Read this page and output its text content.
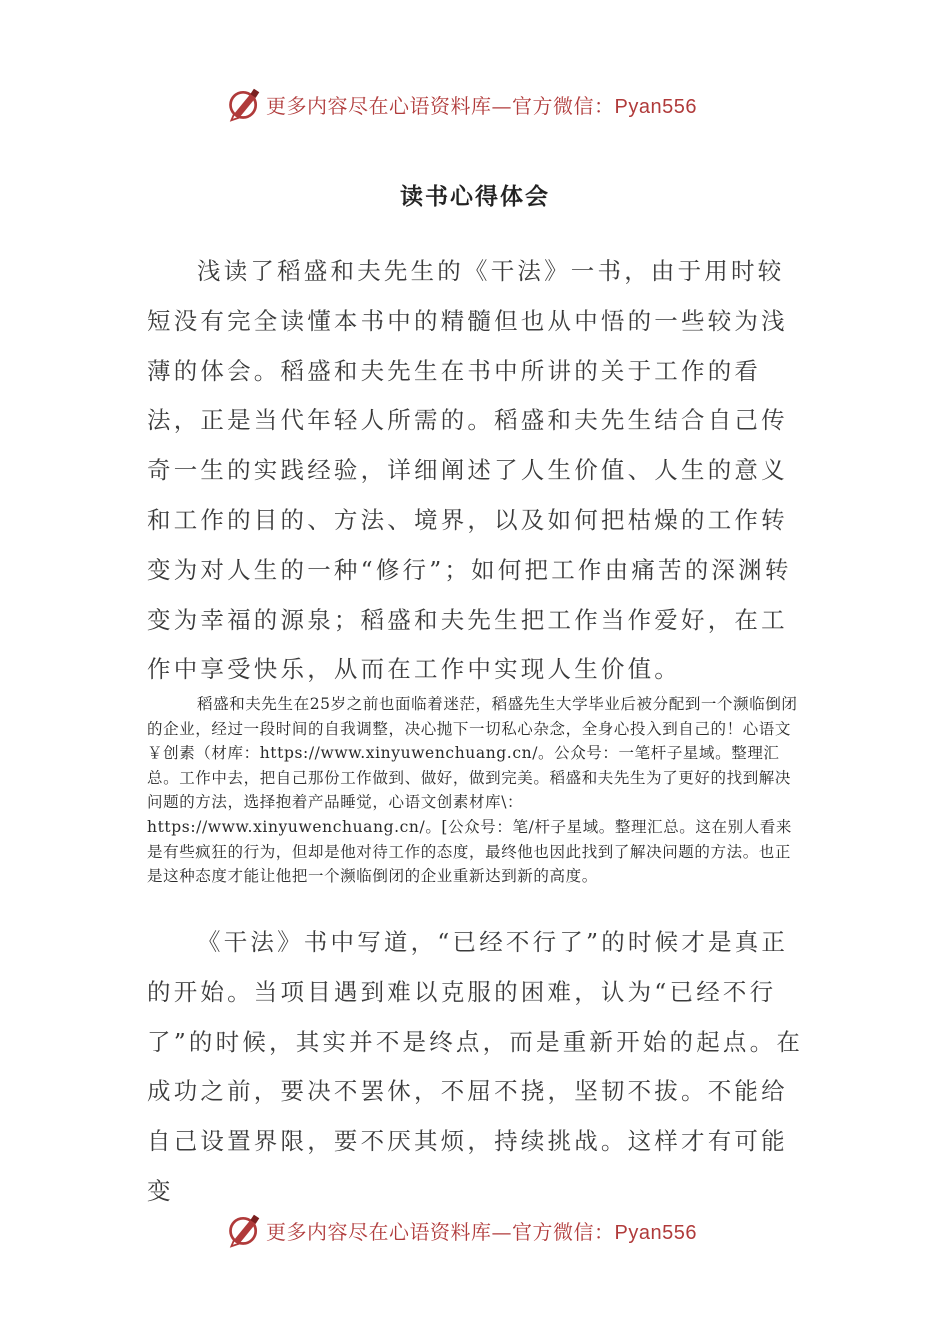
更多内容尽在心语资料库—官方微信：Pyan556
读书心得体会

浅读了稻盛和夫先生的《干法》一书，由于用时较短没有完全读懂本书中的精髓但也从中悟的一些较为浅薄的体会。稻盛和夫先生在书中所讲的关于工作的看法，正是当代年轻人所需的。稻盛和夫先生结合自己传奇一生的实践经验，详细阐述了人生价值、人生的意义和工作的目的、方法、境界，以及如何把枯燥的工作转变为对人生的一种“修行”；如何把工作由痛苦的深渊转变为幸福的源泉；稻盛和夫先生把工作当作爱好，在工作中享受快乐，从而在工作中实现人生价值。

稻盛和夫先生在25岁之前也面临着迷茫，稻盛先生大学毕业后被分配到一个濒临倒闭的企业，经过一段时间的自我调整，决心抛下一切私心杂念，全身心投入到自己的！心语文￥创素（材库：https://www.xinyuwenchuang.cn/。公众号：一笔杆子星域。整理汇总。工作中去，把自己那份工作做到、做好，做到完美。稻盛和夫先生为了更好的找到解决问题的方法，选择抱着产品睡觉，心语文创素材库\：https://www.xinyuwenchuang.cn/。[公众号：笔/杆子星域。整理汇总。这在别人看来是有些疯狂的行为，但却是他对待工作的态度，最终他也因此找到了解决问题的方法。也正是这种态度才能让他把一个濒临倒闭的企业重新达到新的高度。

《干法》书中写道，“已经不行了”的时候才是真正的开始。当项目遇到难以克服的困难，认为“已经不行了”的时候，其实并不是终点，而是重新开始的起点。在成功之前，要决不罢休，不屈不挠，坚韧不拔。不能给自己设置界限，要不厌其烦，持续挑战。这样才有可能变

更多内容尽在心语资料库—官方微信：Pyan556
